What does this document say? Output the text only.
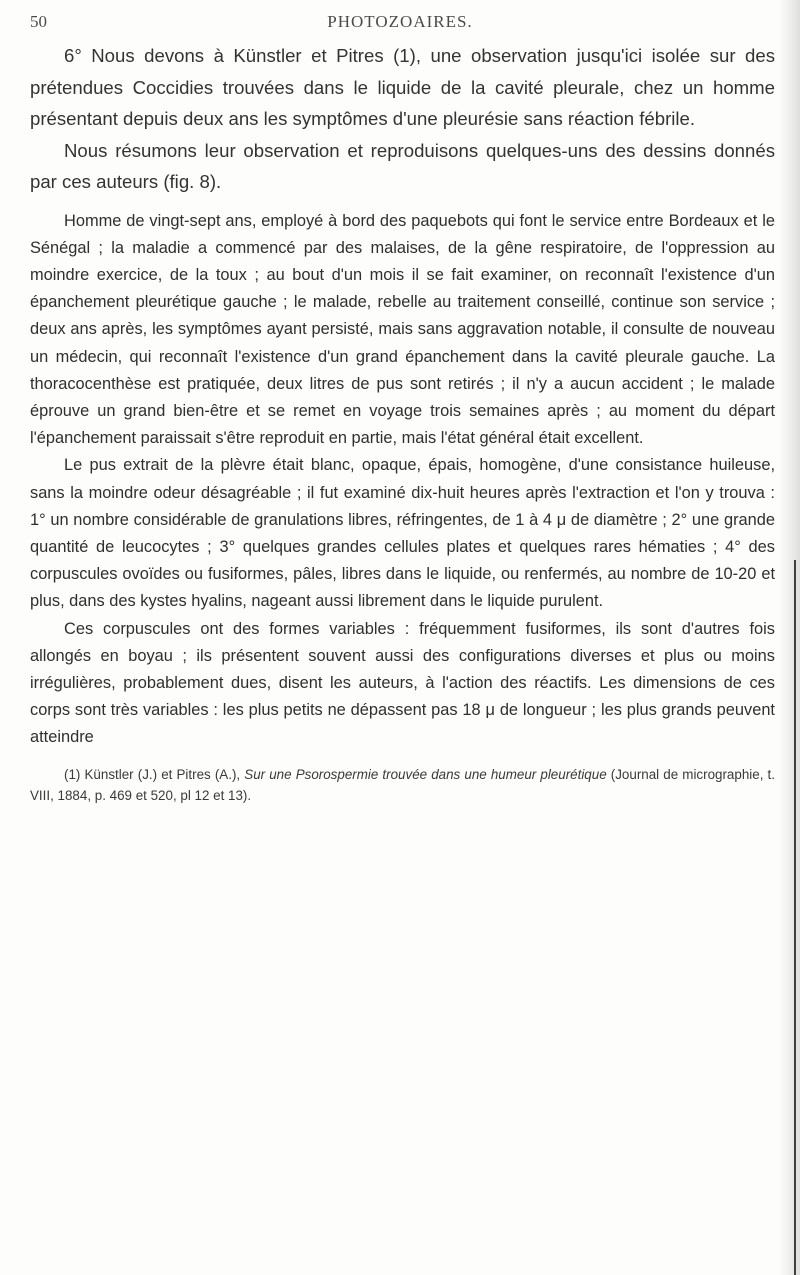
50	PHOTOZOAIRES.

6° Nous devons à Künstler et Pitres (1), une observation jusqu'ici isolée sur des prétendues Coccidies trouvées dans le liquide de la cavité pleurale, chez un homme présentant depuis deux ans les symptômes d'une pleurésie sans réaction fébrile.

Nous résumons leur observation et reproduisons quelques-uns des dessins donnés par ces auteurs (fig. 8).

Homme de vingt-sept ans, employé à bord des paquebots qui font le service entre Bordeaux et le Sénégal ; la maladie a commencé par des malaises, de la gêne respiratoire, de l'oppression au moindre exercice, de la toux ; au bout d'un mois il se fait examiner, on reconnaît l'existence d'un épanchement pleurétique gauche ; le malade, rebelle au traitement conseillé, continue son service ; deux ans après, les symptômes ayant persisté, mais sans aggravation notable, il consulte de nouveau un médecin, qui reconnaît l'existence d'un grand épanchement dans la cavité pleurale gauche. La thoracocenthèse est pratiquée, deux litres de pus sont retirés ; il n'y a aucun accident ; le malade éprouve un grand bien-être et se remet en voyage trois semaines après ; au moment du départ l'épanchement paraissait s'être reproduit en partie, mais l'état général était excellent.

Le pus extrait de la plèvre était blanc, opaque, épais, homogène, d'une consistance huileuse, sans la moindre odeur désagréable ; il fut examiné dix-huit heures après l'extraction et l'on y trouva : 1° un nombre considérable de granulations libres, réfringentes, de 1 à 4 μ de diamètre ; 2° une grande quantité de leucocytes ; 3° quelques grandes cellules plates et quelques rares hématies ; 4° des corpuscules ovoïdes ou fusiformes, pâles, libres dans le liquide, ou renfermés, au nombre de 10-20 et plus, dans des kystes hyalins, nageant aussi librement dans le liquide purulent.

Ces corpuscules ont des formes variables : fréquemment fusiformes, ils sont d'autres fois allongés en boyau ; ils présentent souvent aussi des configurations diverses et plus ou moins irrégulières, probablement dues, disent les auteurs, à l'action des réactifs. Les dimensions de ces corps sont très variables : les plus petits ne dépassent pas 18 μ de longueur ; les plus grands peuvent atteindre

(1) Künstler (J.) et Pitres (A.), Sur une Psorospermie trouvée dans une humeur pleurétique (Journal de micrographie, t. VIII, 1884, p. 469 et 520, pl 12 et 13).
